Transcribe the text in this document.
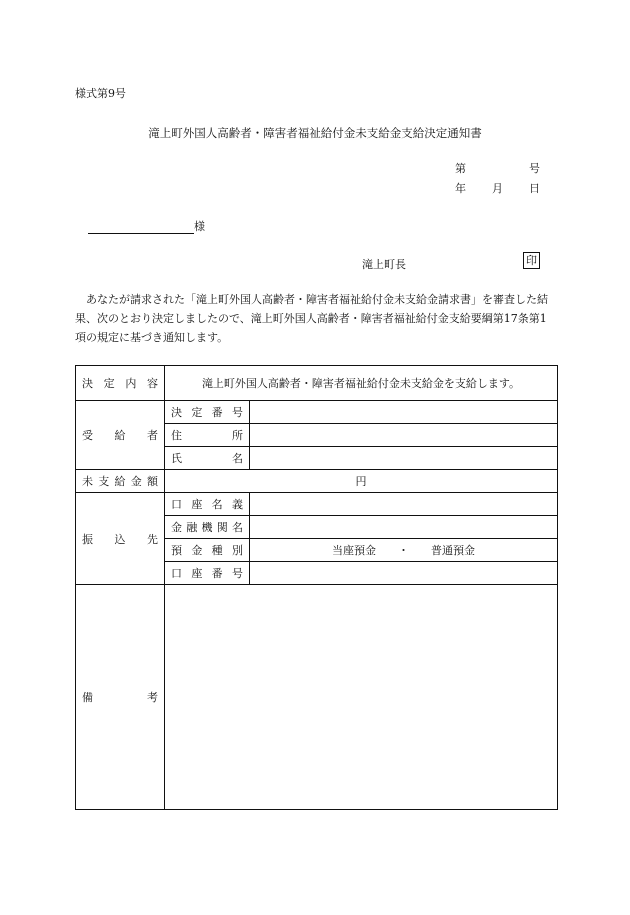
様式第9号
滝上町外国人高齢者・障害者福祉給付金未支給金支給決定通知書
第	号
年 月 日
様
滝上町長	印
あなたが請求された「滝上町外国人高齢者・障害者福祉給付金未支給金請求書」を審査した結果、次のとおり決定しましたので、滝上町外国人高齢者・障害者福祉給付金支給要綱第17条第1項の規定に基づき通知します。
決定内容	滝上町外国人高齢者・障害者福祉給付金未支給金を支給します。	
受給者	決定番号	
	住所	
	氏名	
未支給金額	円	
振込先	口座名義	
	金融機関名	
	預金種別	当座預金　　・　　普通預金
	口座番号	
備考		
